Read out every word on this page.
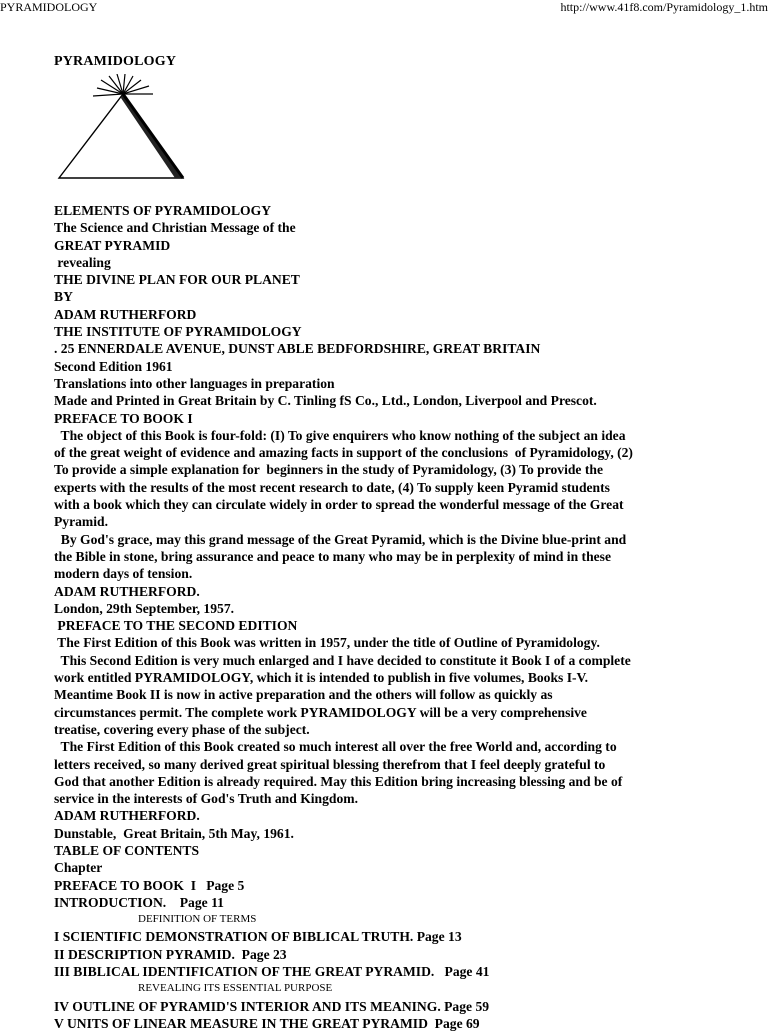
PYRAMIDOLOGY	http://www.41f8.com/Pyramidology_1.htm
PYRAMIDOLOGY
ELEMENTS OF PYRAMIDOLOGY
The Science and Christian Message of the
GREAT PYRAMID
revealing
THE DIVINE PLAN FOR OUR PLANET
BY
ADAM RUTHERFORD
THE INSTITUTE OF PYRAMIDOLOGY
. 25 ENNERDALE AVENUE, DUNST ABLE BEDFORDSHIRE, GREAT BRITAIN
Second Edition 1961
Translations into other languages in preparation
Made and Printed in Great Britain by C. Tinling fS Co., Ltd., London, Liverpool and Prescot.
PREFACE TO BOOK I
The object of this Book is four-fold: (I) To give enquirers who know nothing of the subject an idea
of the great weight of evidence and amazing facts in support of the conclusions  of Pyramidology, (2)
To provide a simple explanation for  beginners in the study of Pyramidology, (3) To provide the
experts with the results of the most recent research to date, (4) To supply keen Pyramid students
with a book which they can circulate widely in order to spread the wonderful message of the Great
Pyramid.
By God's grace, may this grand message of the Great Pyramid, which is the Divine blue-print and
the Bible in stone, bring assurance and peace to many who may be in perplexity of mind in these
modern days of tension.
ADAM RUTHERFORD.
London, 29th September, 1957.
PREFACE TO THE SECOND EDITION
The First Edition of this Book was written in 1957, under the title of Outline of Pyramidology.
This Second Edition is very much enlarged and I have decided to constitute it Book I of a complete
work entitled PYRAMIDOLOGY, which it is intended to publish in five volumes, Books I-V.
Meantime Book II is now in active preparation and the others will follow as quickly as
circumstances permit. The complete work PYRAMIDOLOGY will be a very comprehensive
treatise, covering every phase of the subject.
The First Edition of this Book created so much interest all over the free World and, according to
letters received, so many derived great spiritual blessing therefrom that I feel deeply grateful to
God that another Edition is already required. May this Edition bring increasing blessing and be of
service in the interests of God's Truth and Kingdom.
ADAM RUTHERFORD.
Dunstable,  Great Britain, 5th May, 1961.
TABLE OF CONTENTS
Chapter
PREFACE TO BOOK  I   Page 5
INTRODUCTION.    Page 11
DEFINITION OF TERMS
I SCIENTIFIC DEMONSTRATION OF BIBLICAL TRUTH. Page 13
II DESCRIPTION PYRAMID.  Page 23
III BIBLICAL IDENTIFICATION OF THE GREAT PYRAMID.   Page 41
REVEALING ITS ESSENTIAL PURPOSE
IV OUTLINE OF PYRAMID'S INTERIOR AND ITS MEANING. Page 59
V UNITS OF LINEAR MEASURE IN THE GREAT PYRAMID  Page 69
